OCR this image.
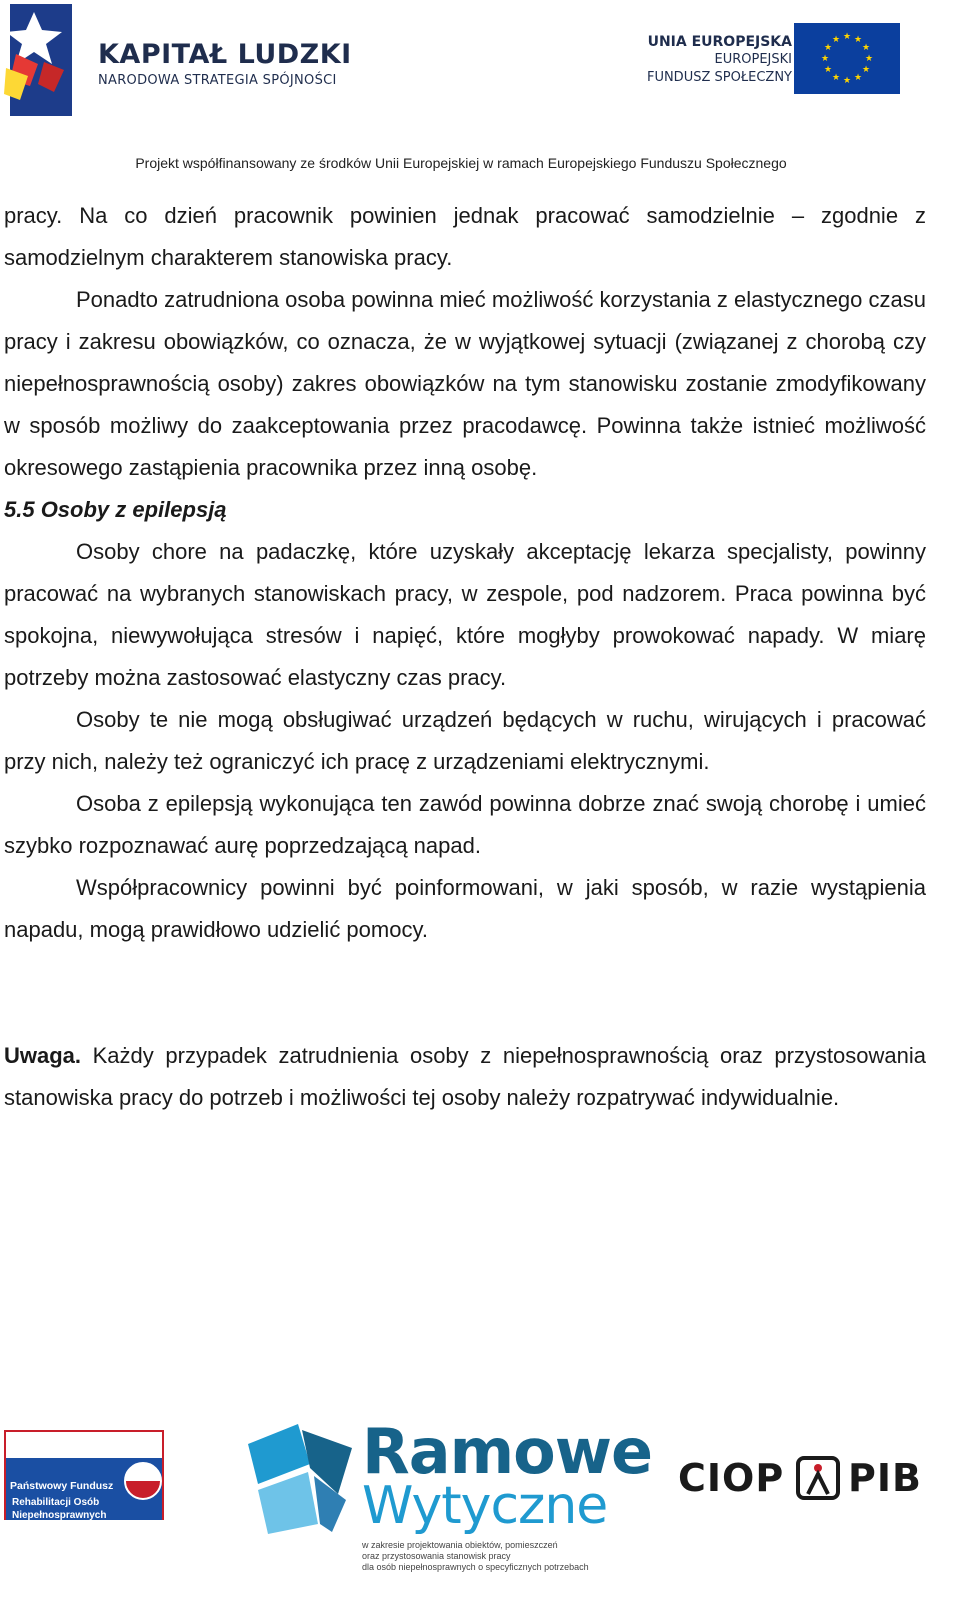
KAPITAŁ LUDZKI
NARODOWA STRATEGIA SPÓJNOŚCI
UNIA EUROPEJSKA
EUROPEJSKI
FUNDUSZ SPOŁECZNY
★ ★
★
★
★
★
★
★
★
★
★
★
Projekt współfinansowany ze środków Unii Europejskiej w ramach Europejskiego Funduszu Społecznego

pracy. Na co dzień pracownik powinien jednak pracować samodzielnie – zgodnie z samodzielnym charakterem stanowiska pracy.

Ponadto zatrudniona osoba powinna mieć możliwość korzystania z elastycznego czasu pracy i zakresu obowiązków, co oznacza, że w wyjątkowej sytuacji (związanej z chorobą czy niepełnosprawnością osoby) zakres obowiązków na tym stanowisku zostanie zmodyfikowany w sposób możliwy do zaakceptowania przez pracodawcę. Powinna także istnieć możliwość okresowego zastąpienia pracownika przez inną osobę.

5.5 Osoby z epilepsją

Osoby chore na padaczkę, które uzyskały akceptację lekarza specjalisty, powinny pracować na wybranych stanowiskach pracy, w zespole, pod nadzorem. Praca powinna być spokojna, niewywołująca stresów i napięć, które mogłyby prowokować napady. W miarę potrzeby można zastosować elastyczny czas pracy.

Osoby te nie mogą obsługiwać urządzeń będących w ruchu, wirujących i pracować przy nich, należy też ograniczyć ich pracę z urządzeniami elektrycznymi.

Osoba z epilepsją wykonująca ten zawód powinna dobrze znać swoją chorobę i umieć szybko rozpoznawać aurę poprzedzającą napad.

Współpracownicy powinni być poinformowani, w jaki sposób, w razie wystąpienia napadu, mogą prawidłowo udzielić pomocy.

Uwaga. Każdy przypadek zatrudnienia osoby z niepełnosprawnością oraz przystosowania stanowiska pracy do potrzeb i możliwości tej osoby należy rozpatrywać indywidualnie.

Państwowy Fundusz
Rehabilitacji Osób
Niepełnosprawnych
Ramowe
Wytyczne
w zakresie projektowania obiektów, pomieszczeń
oraz przystosowania stanowisk pracy
dla osób niepełnosprawnych o specyficznych potrzebach
CIOP PIB
